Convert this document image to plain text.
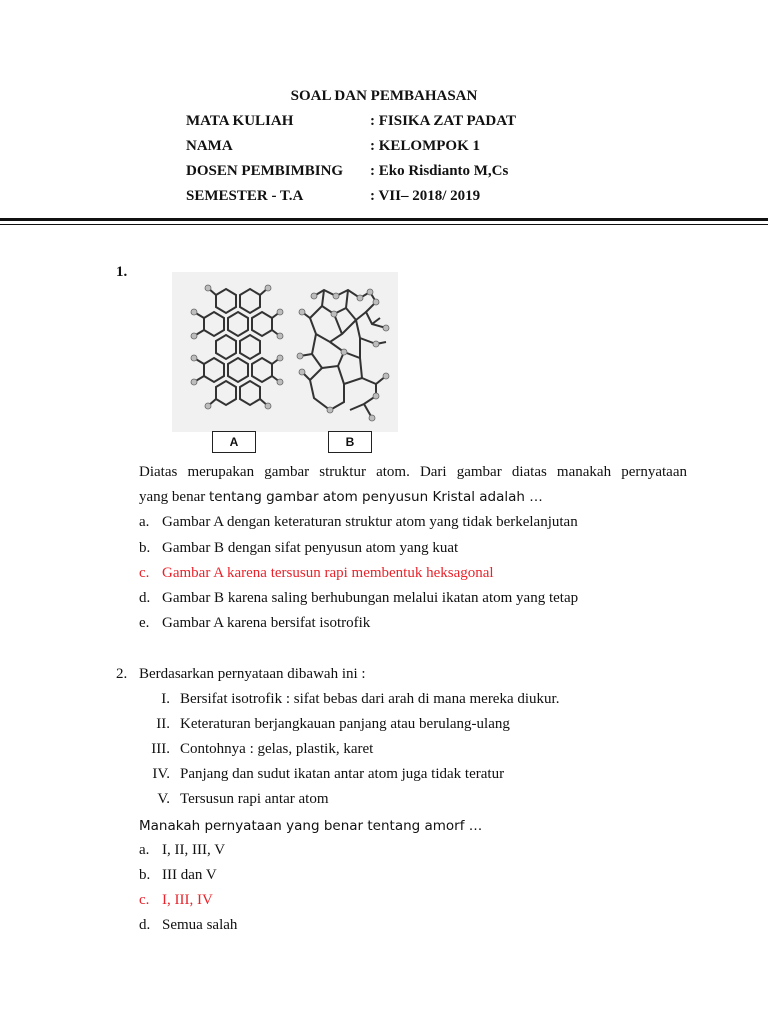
SOAL DAN PEMBAHASAN
MATA KULIAH	: FISIKA ZAT PADAT
NAMA	: KELOMPOK 1
DOSEN PEMBIMBING : Eko Risdianto M,Cs
SEMESTER - T.A	: VII– 2018/ 2019
1.
A	B
Diatas merupakan gambar struktur atom. Dari gambar diatas manakah pernyataan
yang benar tentang gambar atom penyusun Kristal adalah …
a. Gambar A dengan keteraturan struktur atom yang tidak berkelanjutan
b. Gambar B dengan sifat penyusun atom yang kuat
c. Gambar A karena tersusun rapi membentuk heksagonal
d. Gambar B karena saling berhubungan melalui ikatan atom yang tetap
e. Gambar A karena bersifat isotrofik
2. Berdasarkan pernyataan dibawah ini :
I. Bersifat isotrofik : sifat bebas dari arah di mana mereka diukur.
II. Keteraturan berjangkauan panjang atau berulang-ulang
III. Contohnya : gelas, plastik, karet
IV. Panjang dan sudut ikatan antar atom juga tidak teratur
V. Tersusun rapi antar atom
Manakah pernyataan yang benar tentang amorf …
a. I, II, III, V
b. III dan V
c. I, III, IV
d. Semua salah
